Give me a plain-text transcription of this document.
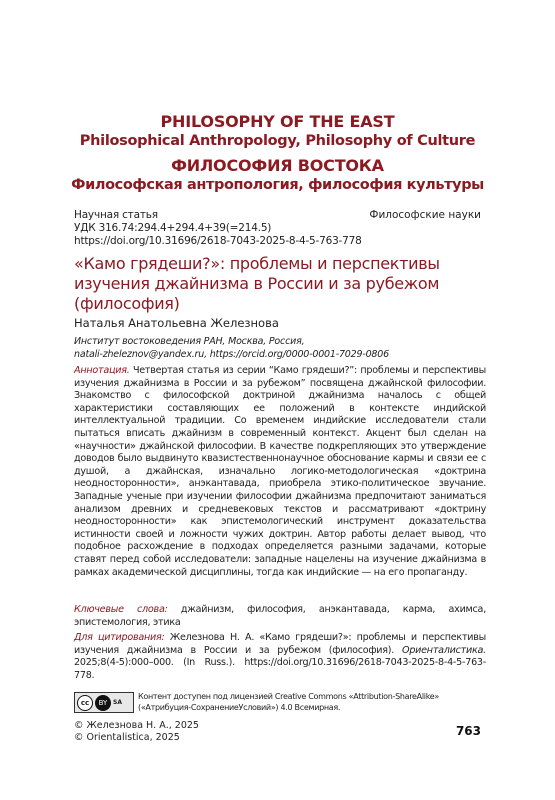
PHILOSOPHY OF THE EAST
Philosophical Anthropology, Philosophy of Culture
ФИЛОСОФИЯ ВОСТОКА
Философская антропология, философия культуры
Научная статья	Философские науки
УДК 316.74:294.4+294.4+39(=214.5)
https://doi.org/10.31696/2618-7043-2025-8-4-5-763-778
«Камо грядеши?»: проблемы и перспективы изучения джайнизма в России и за рубежом (философия)
Наталья Анатольевна Железнова
Институт востоковедения РАН, Москва, Россия,
natali-zheleznov@yandex.ru, https://orcid.org/0000-0001-7029-0806
Аннотация. Четвертая статья из серии “Камо грядеши?”: проблемы и перспективы изучения джайнизма в России и за рубежом” посвящена джайнской философии. Знакомство с философской доктриной джайнизма началось с общей характеристики составляющих ее положений в контексте индийской интеллектуальной традиции. Со временем индийские исследователи стали пытаться вписать джайнизм в современный контекст. Акцент был сделан на «научности» джайнской философии. В качестве подкрепляющих это утверждение доводов было выдвинуто квазистественнонаучное обоснование кармы и связи ее с душой, а джайнская, изначально логико-методологическая «доктрина неодносторонности», анэкантавада, приобрела этико-политическое звучание. Западные ученые при изучении философии джайнизма предпочитают заниматься анализом древних и средневековых текстов и рассматривают «доктрину неодносторонности» как эпистемологический инструмент доказательства истинности своей и ложности чужих доктрин. Автор работы делает вывод, что подобное расхождение в подходах определяется разными задачами, которые ставят перед собой исследователи: западные нацелены на изучение джайнизма в рамках академической дисциплины, тогда как индийские — на его пропаганду.
Ключевые слова: джайнизм, философия, анэкантавада, карма, ахимса, эпистемология, этика
Для цитирования: Железнова Н. А. «Камо грядеши?»: проблемы и перспективы изучения джайнизма в России и за рубежом (философия). Ориенталистика. 2025;8(4-5):000–000. (In Russ.). https://doi.org/10.31696/2618-7043-2025-8-4-5-763-778.
cc	BY SA
Контент доступен под лицензией Creative Commons «Attribution-ShareAlike» («Атрибуция-СохранениеУсловий») 4.0 Всемирная.
© Железнова Н. А., 2025
© Orientalistica, 2025	763
